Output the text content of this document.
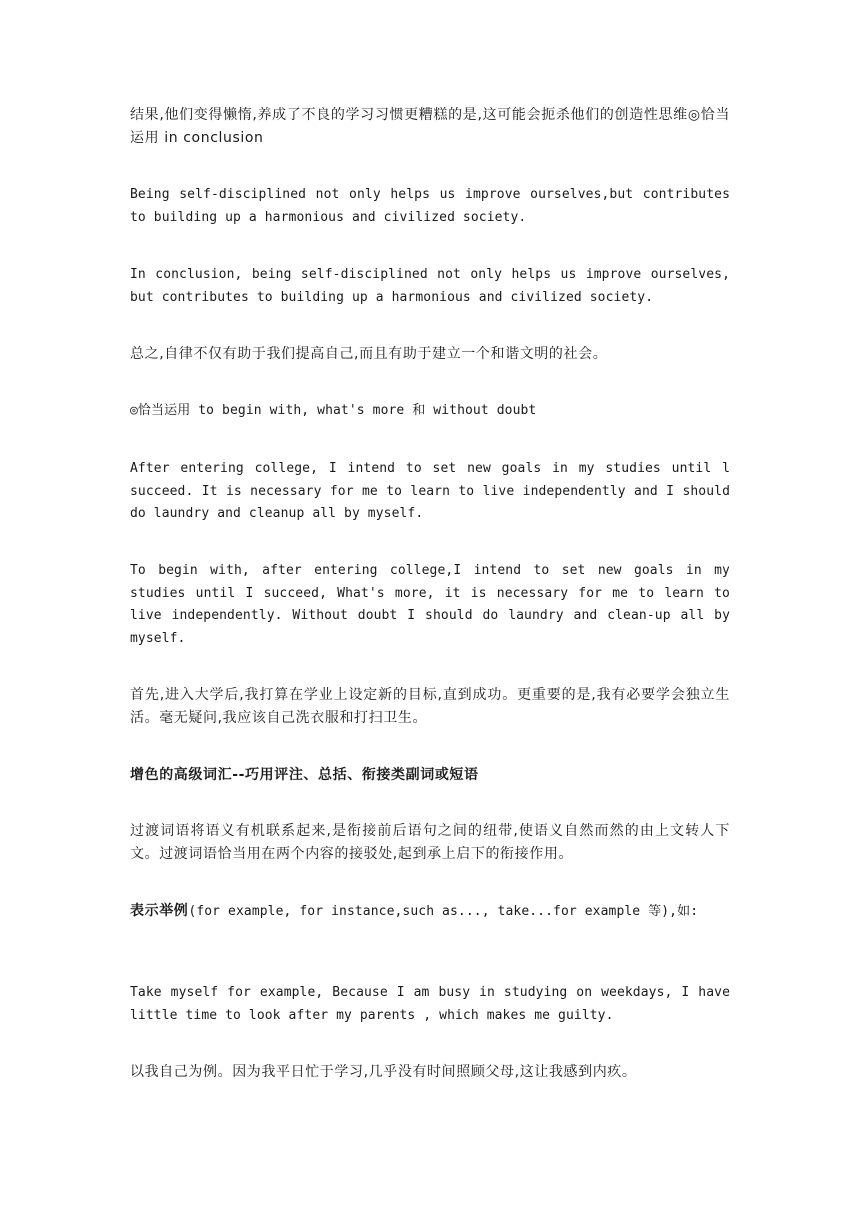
结果,他们变得懒惰,养成了不良的学习习惯更糟糕的是,这可能会扼杀他们的创造性思维◎恰当运用 in conclusion

Being self-disciplined not only helps us improve ourselves,but contributes to building up a harmonious and civilized society.

In conclusion, being self-disciplined not only helps us improve ourselves, but contributes to building up a harmonious and civilized society.

总之,自律不仅有助于我们提高自己,而且有助于建立一个和谐文明的社会。

◎恰当运用 to begin with, what's more 和 without doubt

After entering college, I intend to set new goals in my studies until l succeed. It is necessary for me to learn to live independently and I should do laundry and cleanup all by myself.

To begin with, after entering college,I intend to set new goals in my studies until I succeed, What's more, it is necessary for me to learn to live independently. Without doubt I should do laundry and clean-up all by myself.

首先,进入大学后,我打算在学业上设定新的目标,直到成功。更重要的是,我有必要学会独立生活。毫无疑问,我应该自己洗衣服和打扫卫生。

增色的高级词汇--巧用评注、总括、衔接类副词或短语

过渡词语将语义有机联系起来,是衔接前后语句之间的纽带,使语义自然而然的由上文转人下文。过渡词语恰当用在两个内容的接驳处,起到承上启下的衔接作用。

表示举例(for example, for instance,such as..., take...for example 等),如:

Take myself for example, Because I am busy in studying on weekdays, I have little time to look after my parents , which makes me guilty.

以我自己为例。因为我平日忙于学习,几乎没有时间照顾父母,这让我感到内疚。
